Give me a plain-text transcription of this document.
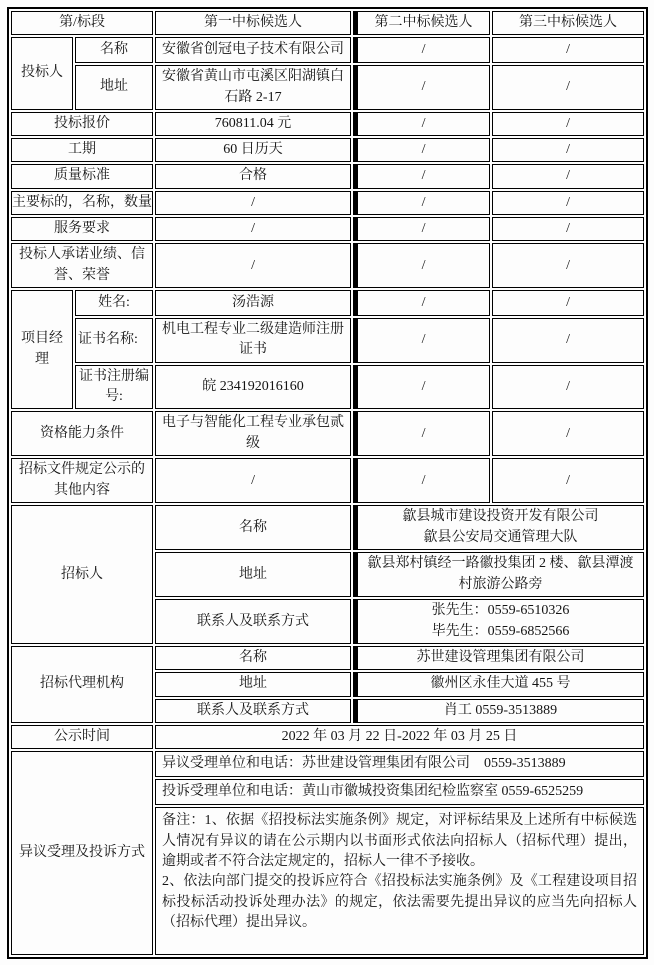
第/标段		第一中标候选人	第二中标候选人	第三中标候选人
投标人	名称	安徽省创冠电子技术有限公司	/	/
	地址	安徽省黄山市屯溪区阳湖镇白石路 2-17	/	/
投标报价		760811.04 元	/	/
工期		60 日历天	/	/
质量标准		合格	/	/
主要标的，名称，数量		/	/	/
服务要求		/	/	/
投标人承诺业绩、信誉、荣誉		/	/	/
项目经理	姓名:	汤浩源	/	/
	证书名称:	机电工程专业二级建造师注册证书	/	/
	证书注册编号:	皖 234192016160	/	/
资格能力条件		电子与智能化工程专业承包贰级	/	/
招标文件规定公示的其他内容		/	/	/
招标人		名称	歙县城市建设投资开发有限公司
歙县公安局交通管理大队	

		地址	歙县郑村镇经一路徽投集团 2 楼、歙县潭渡村旅游公路旁	
		联系人及联系方式	张先生：0559-6510326
毕先生：0559-6852566	

招标代理机构		名称	苏世建设管理集团有限公司	
		地址	徽州区永佳大道 455 号	
		联系人及联系方式	肖工 0559-3513889	
公示时间		2022 年 03 月 22 日-2022 年 03 月 25 日		
异议受理及投诉方式		异议受理单位和电话：苏世建设管理集团有限公司　0559-3513889		
		投诉受理单位和电话：黄山市徽城投资集团纪检监察室 0559-6525259		

		备注：1、依据《招投标法实施条例》规定，对评标结果及上述所有中标候选人情况有异议的请在公示期内以书面形式依法向招标人（招标代理）提出，逾期或者不符合法定规定的，招标人一律不予接收。
2、依法向部门提交的投诉应符合《招投标法实施条例》及《工程建设项目招标投标活动投诉处理办法》的规定，依法需要先提出异议的应当先向招标人（招标代理）提出异议。		
